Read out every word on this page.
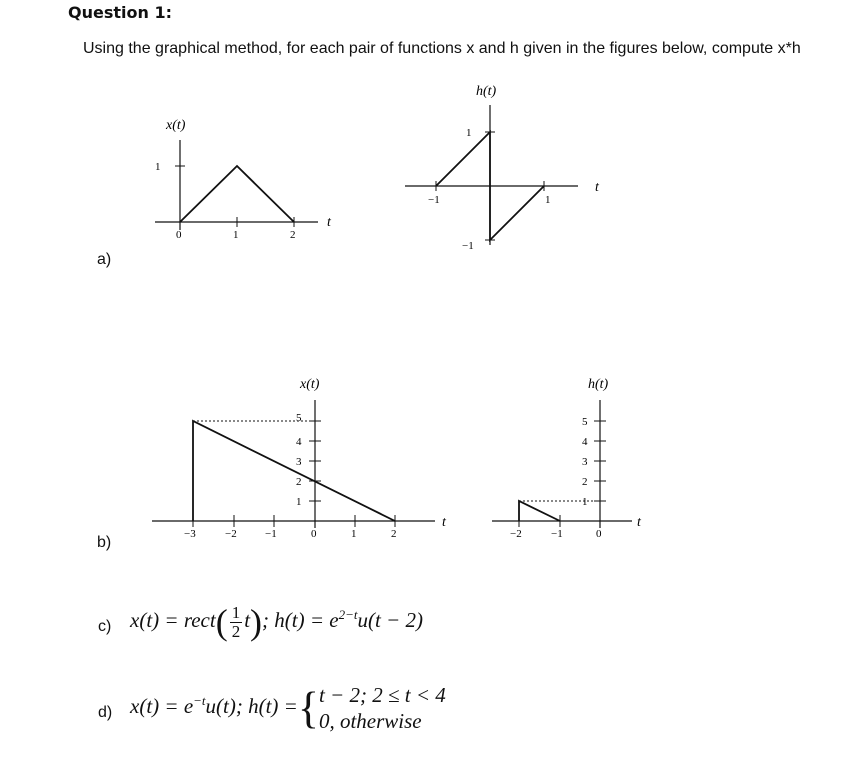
Question 1:
Using the graphical method, for each pair of functions x and h given in the figures below, compute x*h
a)
x(t)
t
1
0	1	2
h(t)
t
1
−1
−1	1
b)
x(t)
t
1
2
3
4
5
−3	−2	−1	0	1	2
h(t)
t
1
2
3
4
5
−2	−1	0
c) x(t) = rect( $\frac{1}{2} t$); $h(t) = e^{2-t}u(t - 2)$
d) $x(t) = e^{-t}u(t)$; h(t) ={ t − 2; 2 ≤ t < 4
0, otherwise
